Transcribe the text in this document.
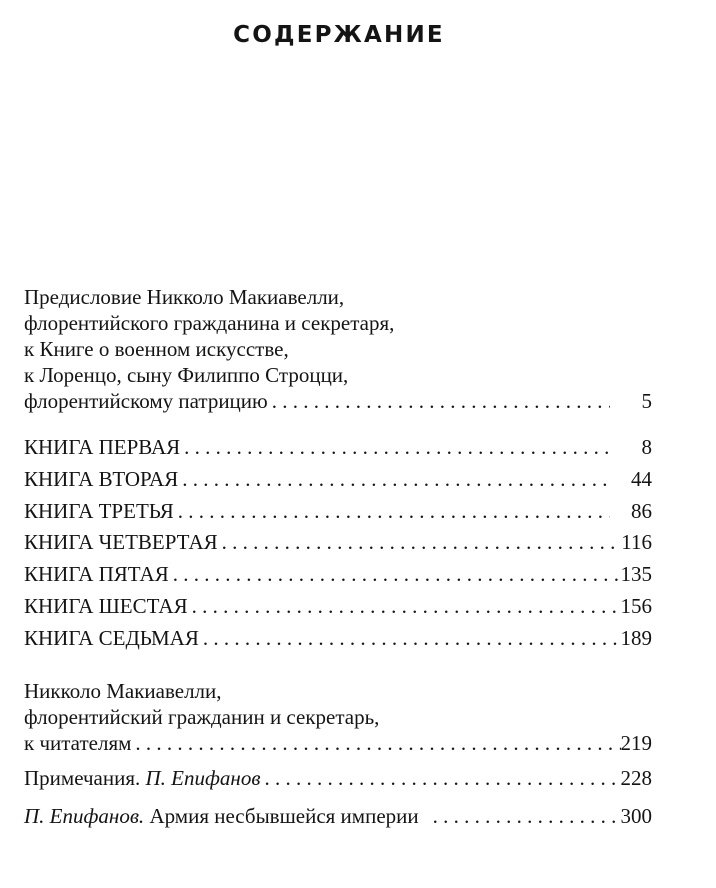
СОДЕРЖАНИЕ
Предисловие Никколо Макиавелли,
флорентийского гражданина и секретаря,
к Книге о военном искусстве,
к Лоренцо, сыну Филиппо Строцци,
флорентийскому патрицию . . .	5
КНИГА ПЕРВАЯ . . .	8
КНИГА ВТОРАЯ . . .	44
КНИГА ТРЕТЬЯ . . .	86
КНИГА ЧЕТВЕРТАЯ . . .	116
КНИГА ПЯТАЯ . . .	135
КНИГА ШЕСТАЯ . . .	156
КНИГА СЕДЬМАЯ . . .	189
Никколо Макиавелли,
флорентийский гражданин и секретарь,
к читателям . . .	219
Примечания. П. Епифанов . . .	228
П. Епифанов. Армия несбывшейся империи . . .	300
